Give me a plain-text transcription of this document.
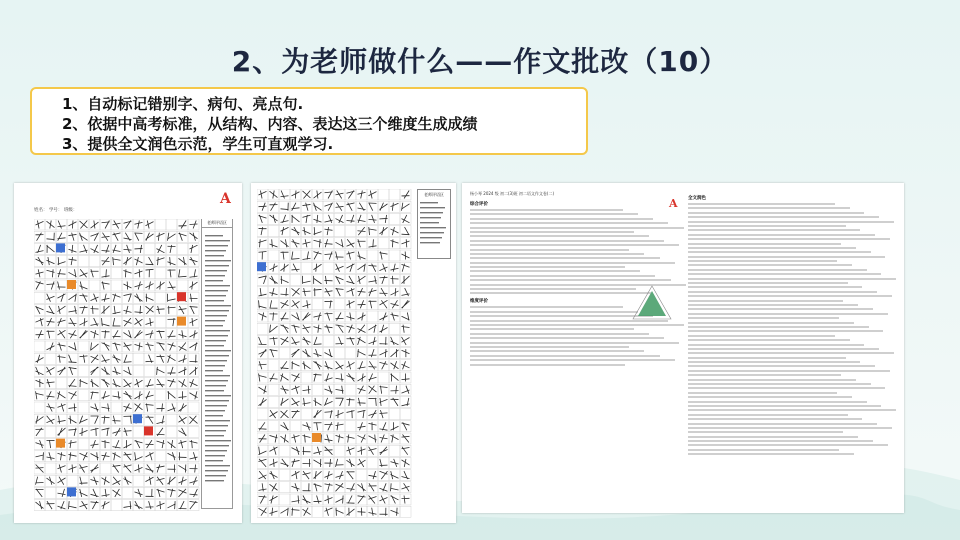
2、为老师做什么——作文批改（10）
1、自动标记错别字、病句、亮点句.
2、依据中高考标准，从结构、内容、表达这三个维度生成成绩
3、提供全文润色示范，学生可直观学习.
姓名： 学号： 班级：
A
老师评语区
老师评语区	杨小琴 2024 级 初二(3)班 初二语文作文卷(二)
综合评价
维度评价
A 全文润色
